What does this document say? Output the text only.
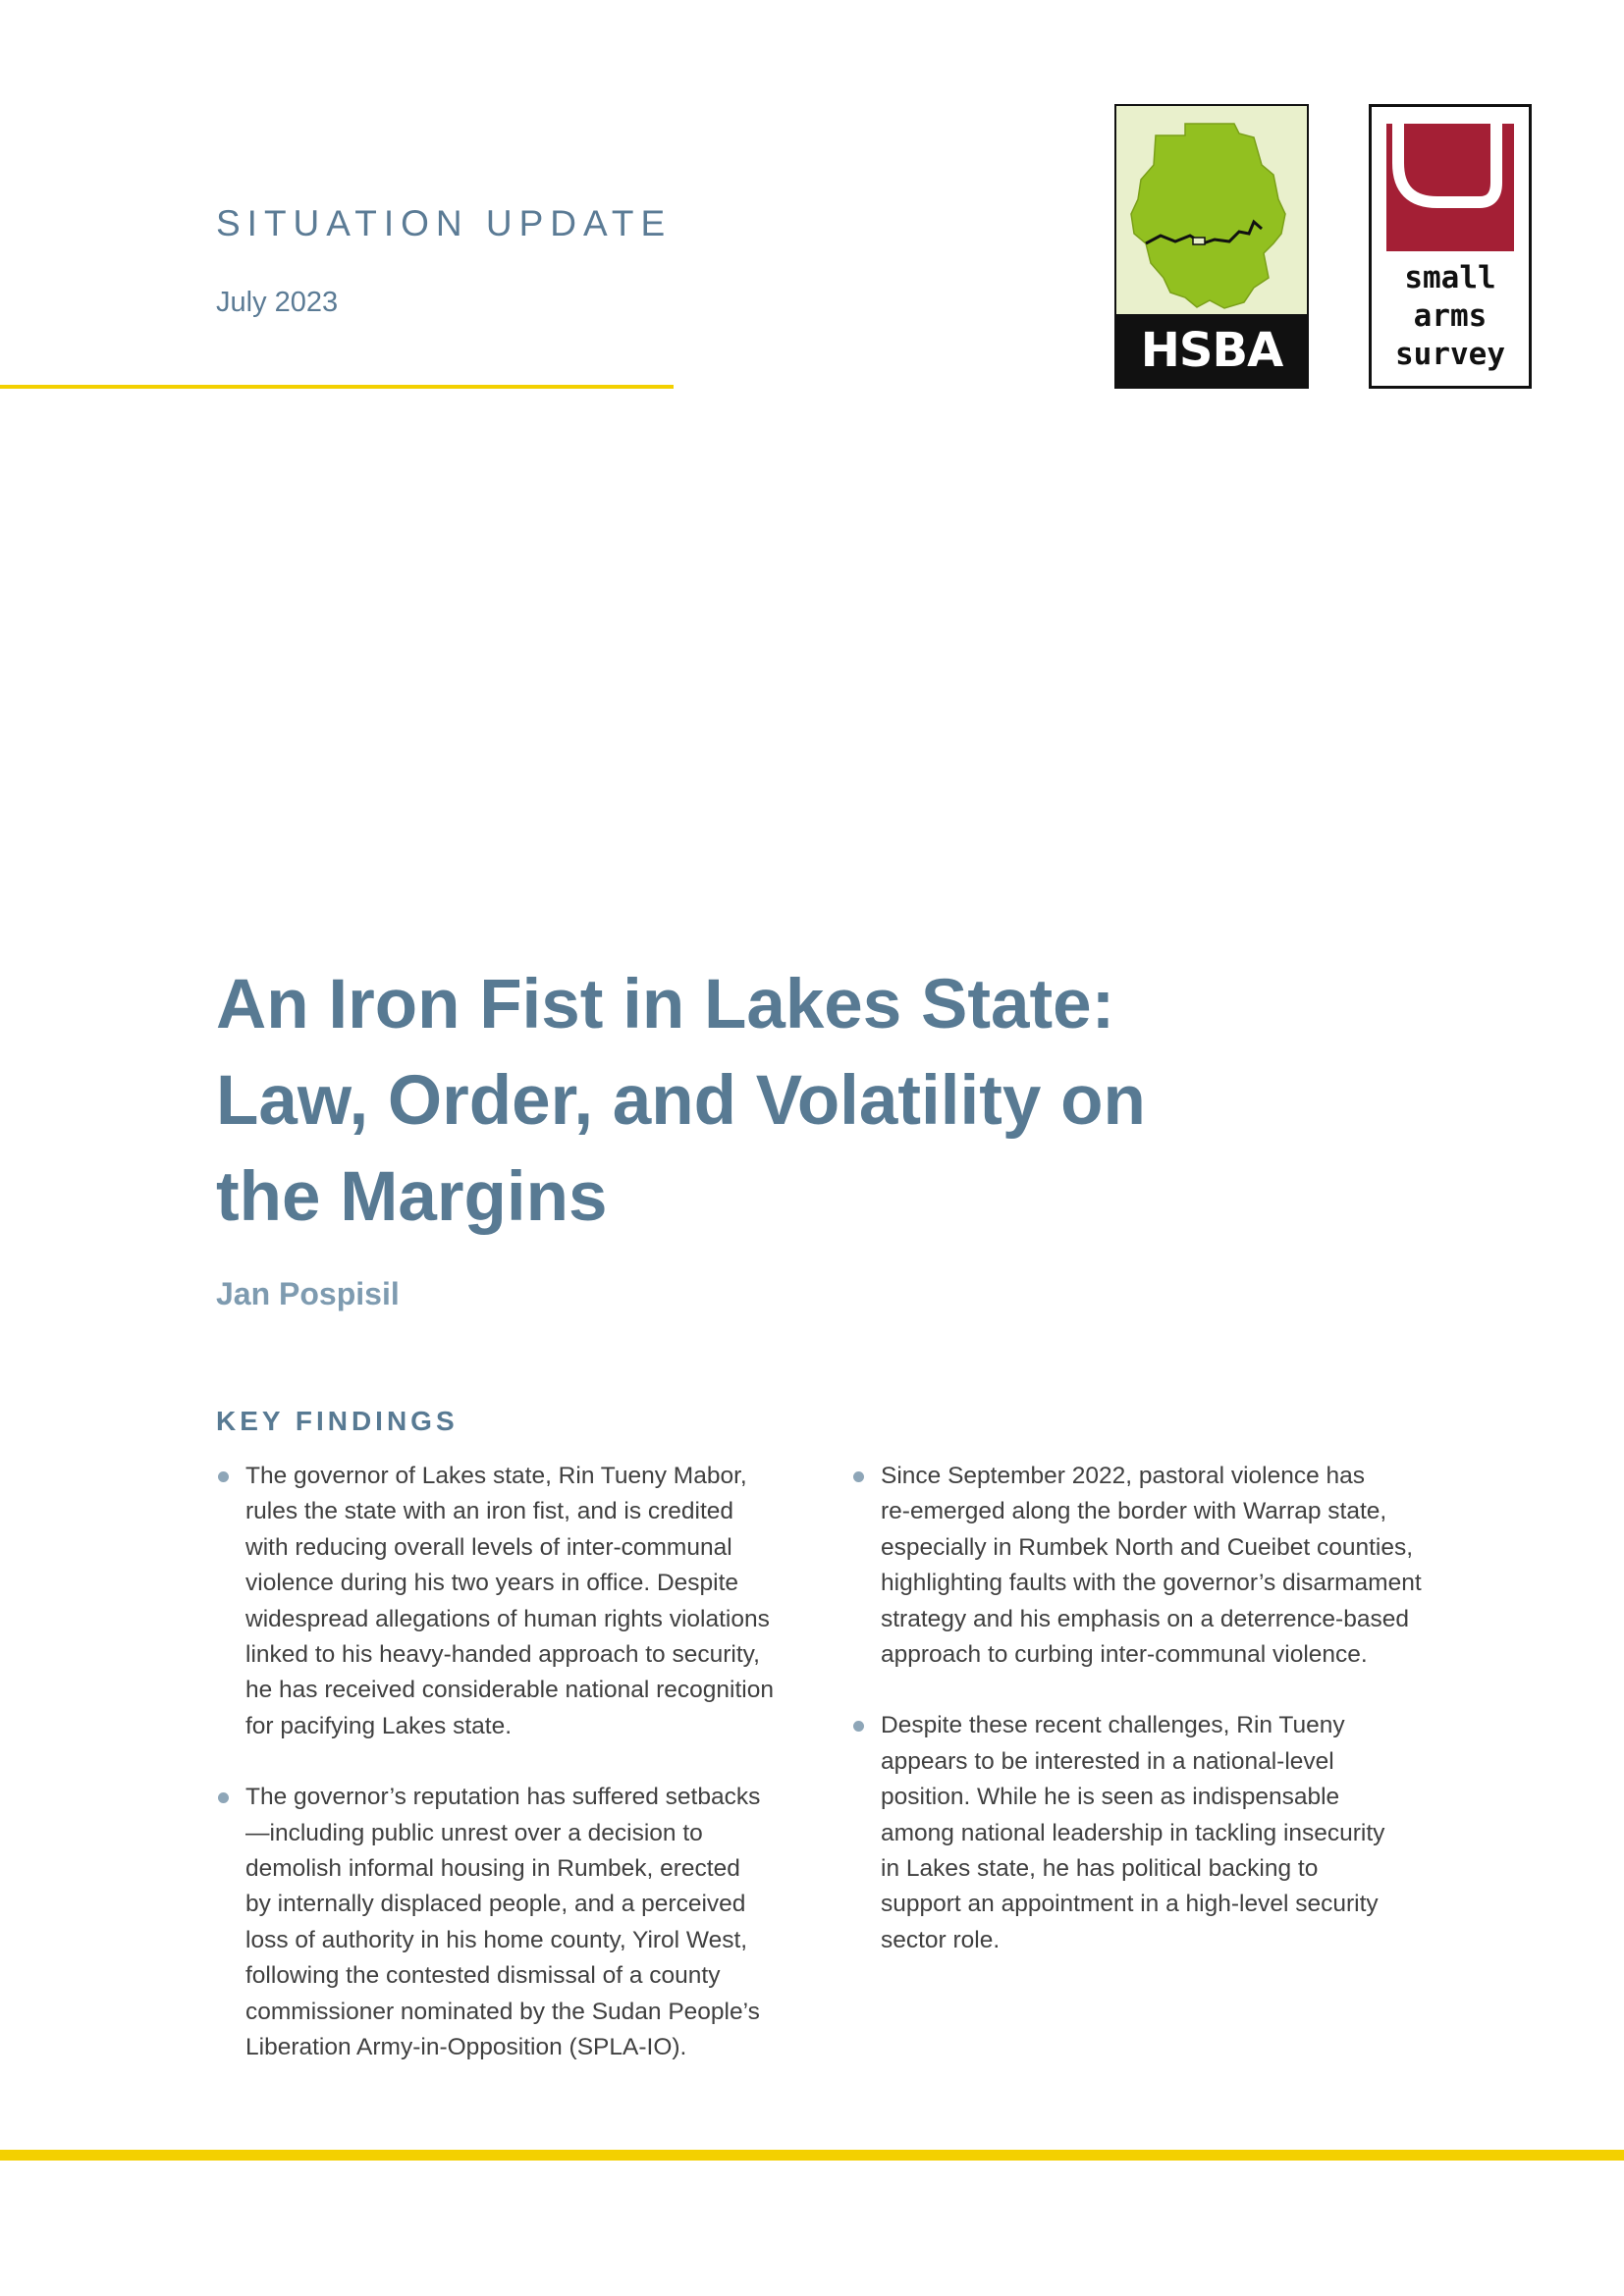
SITUATION UPDATE
July 2023
HSBA
small
arms
survey
An Iron Fist in Lakes State:
Law, Order, and Volatility on
the Margins
Jan Pospisil
KEY FINDINGS
The governor of Lakes state, Rin Tueny Mabor,
rules the state with an iron fist, and is credited
with reducing overall levels of inter-communal
violence during his two years in office. Despite
widespread allegations of human rights violations
linked to his heavy-handed approach to security,
he has received considerable national recognition
for pacifying Lakes state.
The governor’s reputation has suffered setbacks
—including public unrest over a decision to
demolish informal housing in Rumbek, erected
by internally displaced people, and a perceived
loss of authority in his home county, Yirol West,
following the contested dismissal of a county
commissioner nominated by the Sudan People’s
Liberation Army-in-Opposition (SPLA-IO).
Since September 2022, pastoral violence has
re-emerged along the border with Warrap state,
especially in Rumbek North and Cueibet counties,
highlighting faults with the governor’s disarmament
strategy and his emphasis on a deterrence-based
approach to curbing inter-communal violence.
Despite these recent challenges, Rin Tueny
appears to be interested in a national-level
position. While he is seen as indispensable
among national leadership in tackling insecurity
in Lakes state, he has political backing to
support an appointment in a high-level security
sector role.
